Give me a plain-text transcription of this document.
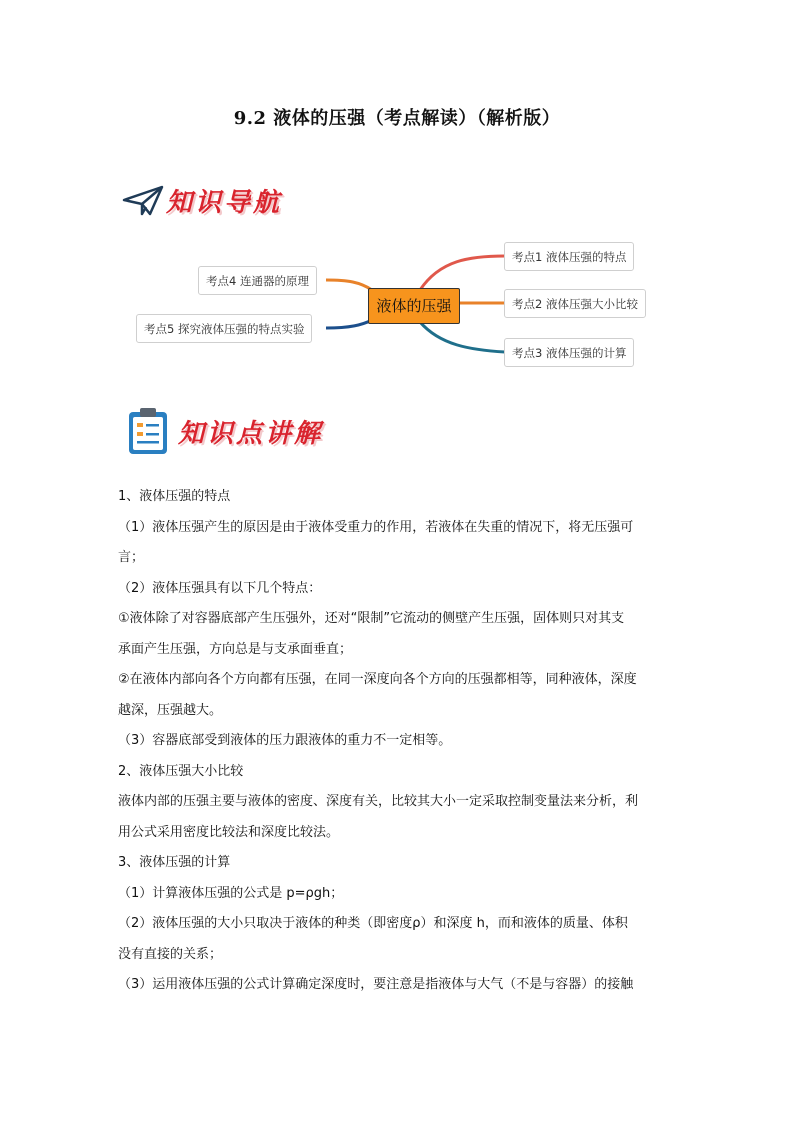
9.2 液体的压强（考点解读）（解析版）
知识导航
液体的压强
考点1 液体压强的特点
考点2 液体压强大小比较
考点3 液体压强的计算
考点4 连通器的原理
考点5 探究液体压强的特点实验
知识点讲解

1、液体压强的特点

（1）液体压强产生的原因是由于液体受重力的作用，若液体在失重的情况下，将无压强可

言；

（2）液体压强具有以下几个特点：

①液体除了对容器底部产生压强外，还对“限制”它流动的侧壁产生压强，固体则只对其支

承面产生压强，方向总是与支承面垂直；

②在液体内部向各个方向都有压强，在同一深度向各个方向的压强都相等，同种液体，深度

越深，压强越大。

（3）容器底部受到液体的压力跟液体的重力不一定相等。

2、液体压强大小比较

液体内部的压强主要与液体的密度、深度有关，比较其大小一定采取控制变量法来分析，利

用公式采用密度比较法和深度比较法。

3、液体压强的计算

（1）计算液体压强的公式是 p=ρgh；

（2）液体压强的大小只取决于液体的种类（即密度ρ）和深度 h，而和液体的质量、体积

没有直接的关系；

（3）运用液体压强的公式计算确定深度时，要注意是指液体与大气（不是与容器）的接触
